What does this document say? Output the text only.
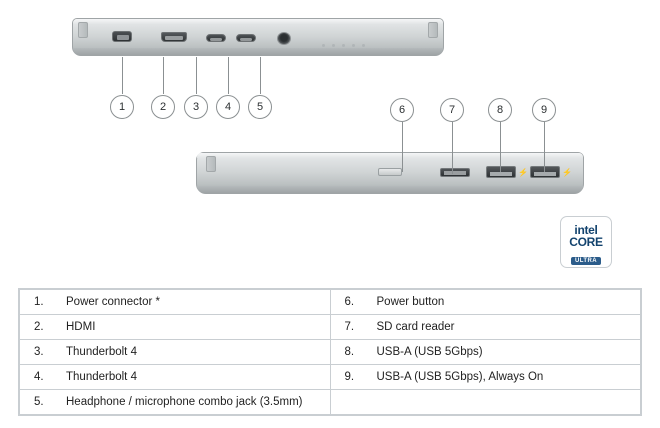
1	2	3	4	5
⚡	⚡
6	7	8	9
intel
CORE
ULTRA
1.	Power connector *	6.	Power button
2.	HDMI	7.	SD card reader
3.	Thunderbolt 4	8.	USB-A (USB 5Gbps)
4.	Thunderbolt 4	9.	USB-A (USB 5Gbps), Always On
5.	Headphone / microphone combo jack (3.5mm)		
